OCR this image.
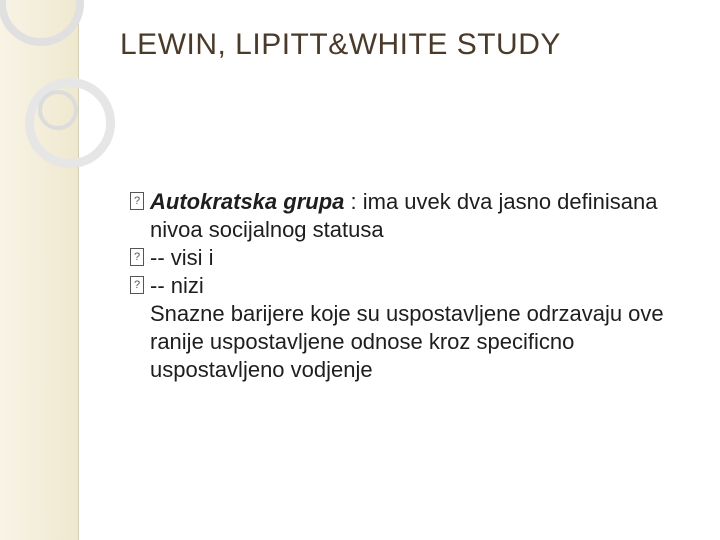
LEWIN, LIPITT&WHITE STUDY
? Autokratska grupa : ima uvek dva jasno definisana nivoa socijalnog statusa
? -- visi i
? -- nizi
Snazne barijere koje su uspostavljene odrzavaju ove ranije uspostavljene odnose kroz specificno uspostavljeno vodjenje
